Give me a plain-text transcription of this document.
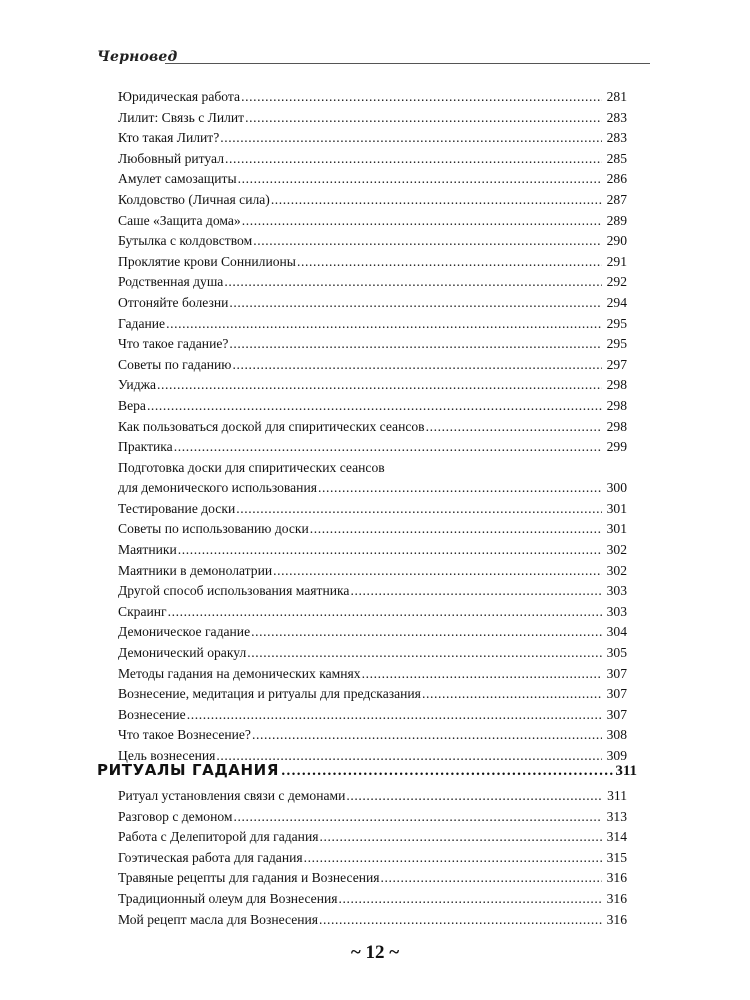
Черновед
Юридическая работа .....	281
Лилит: Связь с Лилит .....	283
Кто такая Лилит? .....	283
Любовный ритуал .....	285
Амулет самозащиты .....	286
Колдовство (Личная сила) .....	287
Саше «Защита дома» .....	289
Бутылка с колдовством .....	290
Проклятие крови Соннилионы .....	291
Родственная душа .....	292
Отгоняйте болезни .....	294
Гадание .....	295
Что такое гадание? .....	295
Советы по гаданию .....	297
Уиджа .....	298
Вера .....	298
Как пользоваться доской для спиритических сеансов .....	298
Практика .....	299
Подготовка доски для спиритических сеансов
для демонического использования .....	300
Тестирование доски .....	301
Советы по использованию доски .....	301
Маятники .....	302
Маятники в демонолатрии .....	302
Другой способ использования маятника .....	303
Скраинг .....	303
Демоническое гадание .....	304
Демонический оракул .....	305
Методы гадания на демонических камнях .....	307
Вознесение, медитация и ритуалы для предсказания .....	307
Вознесение .....	307
Что такое Вознесение? .....	308
Цель вознесения .....	309
РИТУАЛЫ ГАДАНИЯ .....	311
Ритуал установления связи с демонами .....	311
Разговор с демоном .....	313
Работа с Делепиторой для гадания .....	314
Гоэтическая работа для гадания .....	315
Травяные рецепты для гадания и Вознесения .....	316
Традиционный олеум для Вознесения .....	316
Мой рецепт масла для Вознесения .....	316
~ 12 ~
